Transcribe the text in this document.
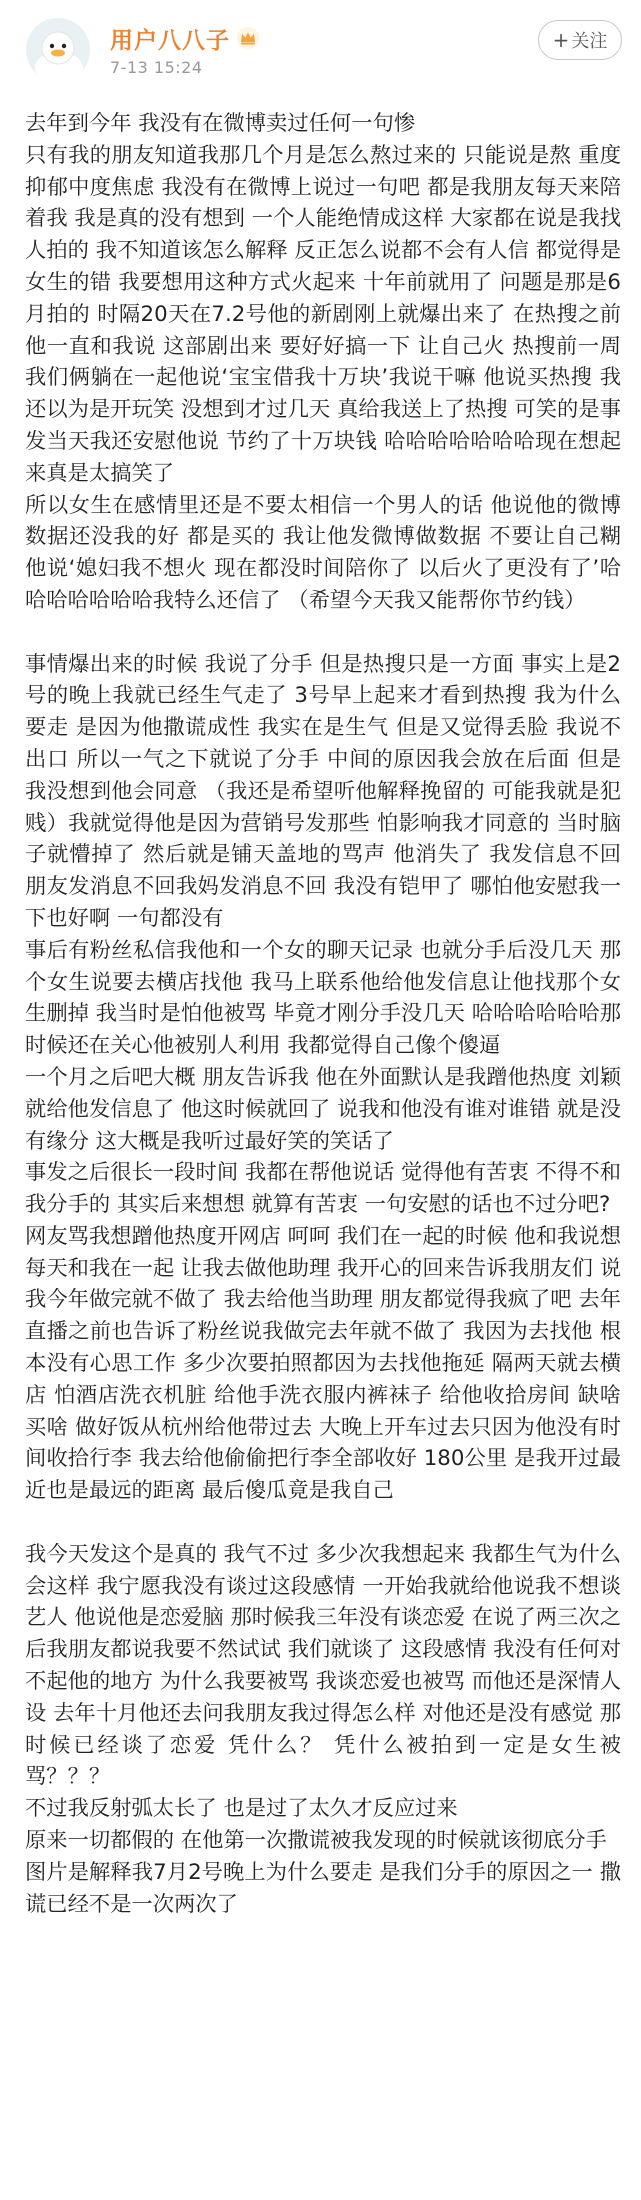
用户八八子
7-13 15:24
+ 关注

去年到今年 我没有在微博卖过任何一句惨

只有我的朋友知道我那几个月是怎么熬过来的 只能说是熬 重度抑郁中度焦虑 我没有在微博上说过一句吧 都是我朋友每天来陪着我 我是真的没有想到 一个人能绝情成这样 大家都在说是我找人拍的 我不知道该怎么解释 反正怎么说都不会有人信 都觉得是女生的错 我要想用这种方式火起来 十年前就用了 问题是那是6月拍的 时隔20天在7.2号他的新剧刚上就爆出来了 在热搜之前他一直和我说 这部剧出来 要好好搞一下 让自己火 热搜前一周我们俩躺在一起他说‘宝宝借我十万块’我说干嘛 他说买热搜 我还以为是开玩笑 没想到才过几天 真给我送上了热搜 可笑的是事发当天我还安慰他说 节约了十万块钱 哈哈哈哈哈哈哈现在想起来真是太搞笑了

所以女生在感情里还是不要太相信一个男人的话 他说他的微博数据还没我的好 都是买的 我让他发微博做数据 不要让自己糊 他说‘媳妇我不想火 现在都没时间陪你了 以后火了更没有了’哈哈哈哈哈哈哈我特么还信了 （希望今天我又能帮你节约钱）

事情爆出来的时候 我说了分手 但是热搜只是一方面 事实上是2号的晚上我就已经生气走了 3号早上起来才看到热搜 我为什么要走 是因为他撒谎成性 我实在是生气 但是又觉得丢脸 我说不出口 所以一气之下就说了分手 中间的原因我会放在后面 但是 我没想到他会同意 （我还是希望听他解释挽留的 可能我就是犯贱）我就觉得他是因为营销号发那些 怕影响我才同意的 当时脑子就懵掉了 然后就是铺天盖地的骂声 他消失了 我发信息不回 朋友发消息不回我妈发消息不回 我没有铠甲了 哪怕他安慰我一下也好啊 一句都没有

事后有粉丝私信我他和一个女的聊天记录 也就分手后没几天 那个女生说要去横店找他 我马上联系他给他发信息让他找那个女生删掉 我当时是怕他被骂 毕竟才刚分手没几天 哈哈哈哈哈哈那时候还在关心他被别人利用 我都觉得自己像个傻逼

一个月之后吧大概 朋友告诉我 他在外面默认是我蹭他热度 刘颖就给他发信息了 他这时候就回了 说我和他没有谁对谁错 就是没有缘分 这大概是我听过最好笑的笑话了

事发之后很长一段时间 我都在帮他说话 觉得他有苦衷 不得不和我分手的 其实后来想想 就算有苦衷 一句安慰的话也不过分吧?

网友骂我想蹭他热度开网店 呵呵 我们在一起的时候 他和我说想每天和我在一起 让我去做他助理 我开心的回来告诉我朋友们 说我今年做完就不做了 我去给他当助理 朋友都觉得我疯了吧 去年直播之前也告诉了粉丝说我做完去年就不做了 我因为去找他 根本没有心思工作 多少次要拍照都因为去找他拖延 隔两天就去横店 怕酒店洗衣机脏 给他手洗衣服内裤袜子 给他收拾房间 缺啥买啥 做好饭从杭州给他带过去 大晚上开车过去只因为他没有时间收拾行李 我去给他偷偷把行李全部收好 180公里 是我开过最近也是最远的距离 最后傻瓜竟是我自己

我今天发这个是真的 我气不过 多少次我想起来 我都生气为什么会这样 我宁愿我没有谈过这段感情 一开始我就给他说我不想谈艺人 他说他是恋爱脑 那时候我三年没有谈恋爱 在说了两三次之后我朋友都说我要不然试试 我们就谈了 这段感情 我没有任何对不起他的地方 为什么我要被骂 我谈恋爱也被骂 而他还是深情人设 去年十月他还去问我朋友我过得怎么样 对他还是没有感觉 那时候已经谈了恋爱 凭什么？ 凭什么被拍到一定是女生被骂？？？

不过我反射弧太长了 也是过了太久才反应过来

原来一切都假的 在他第一次撒谎被我发现的时候就该彻底分手

图片是解释我7月2号晚上为什么要走 是我们分手的原因之一 撒谎已经不是一次两次了
